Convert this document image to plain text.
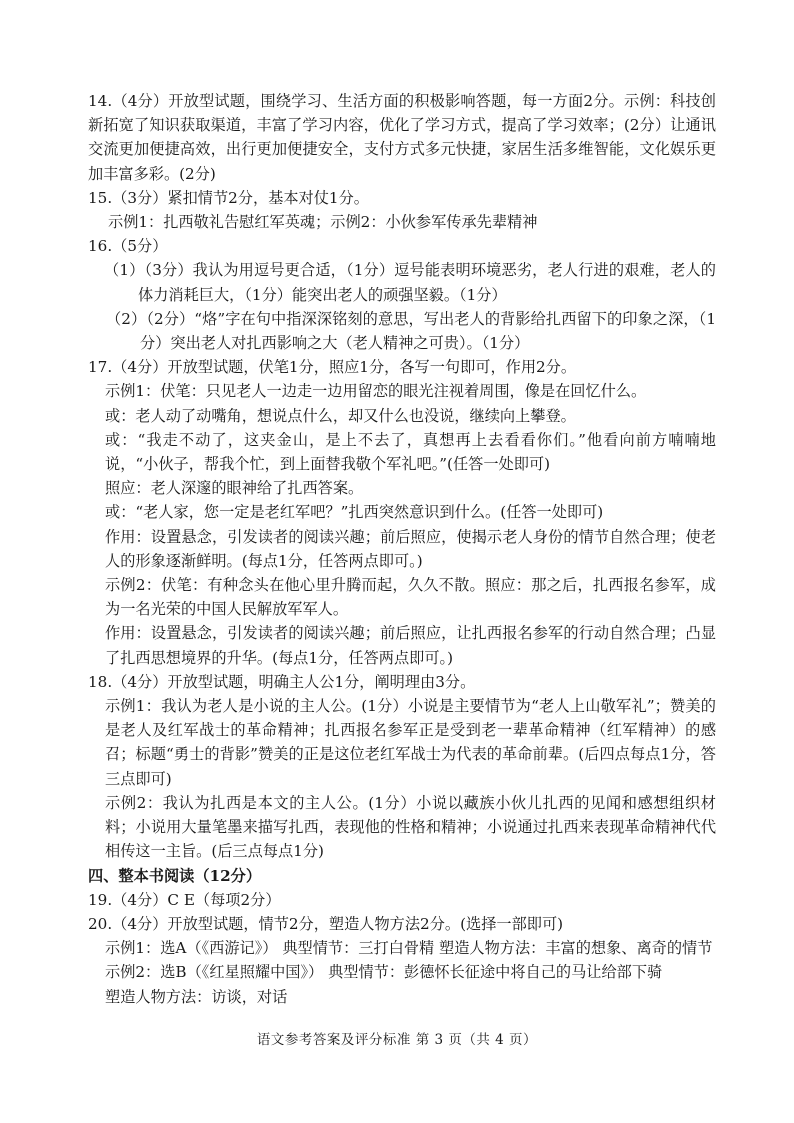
14.（4分）开放型试题，围绕学习、生活方面的积极影响答题，每一方面2分。示例：科技创新拓宽了知识获取渠道，丰富了学习内容，优化了学习方式，提高了学习效率；(2分）让通讯交流更加便捷高效，出行更加便捷安全，支付方式多元快捷，家居生活多维智能，文化娱乐更加丰富多彩。(2分)

15.（3分）紧扣情节2分，基本对仗1分。

示例1：扎西敬礼告慰红军英魂；示例2：小伙参军传承先辈精神

16.（5分）

（1）（3分）我认为用逗号更合适，（1分）逗号能表明环境恶劣，老人行进的艰难，老人的体力消耗巨大，（1分）能突出老人的顽强坚毅。（1分）

（2）（2分）“烙”字在句中指深深铭刻的意思，写出老人的背影给扎西留下的印象之深，（1分）突出老人对扎西影响之大（老人精神之可贵）。（1分）

17.（4分）开放型试题，伏笔1分，照应1分，各写一句即可，作用2分。

示例1：伏笔：只见老人一边走一边用留恋的眼光注视着周围，像是在回忆什么。

或：老人动了动嘴角，想说点什么，却又什么也没说，继续向上攀登。

或：“我走不动了，这夹金山，是上不去了，真想再上去看看你们。”他看向前方喃喃地说，“小伙子，帮我个忙，到上面替我敬个军礼吧。”(任答一处即可)

照应：老人深邃的眼神给了扎西答案。

或：“老人家，您一定是老红军吧？”扎西突然意识到什么。(任答一处即可)

作用：设置悬念，引发读者的阅读兴趣；前后照应，使揭示老人身份的情节自然合理；使老人的形象逐渐鲜明。(每点1分，任答两点即可。)

示例2：伏笔：有种念头在他心里升腾而起，久久不散。照应：那之后，扎西报名参军，成为一名光荣的中国人民解放军军人。

作用：设置悬念，引发读者的阅读兴趣；前后照应，让扎西报名参军的行动自然合理；凸显了扎西思想境界的升华。(每点1分，任答两点即可。)

18.（4分）开放型试题，明确主人公1分，阐明理由3分。

示例1：我认为老人是小说的主人公。(1分）小说是主要情节为“老人上山敬军礼”；赞美的是老人及红军战士的革命精神；扎西报名参军正是受到老一辈革命精神（红军精神）的感召；标题“勇士的背影”赞美的正是这位老红军战士为代表的革命前辈。(后四点每点1分，答三点即可)

示例2：我认为扎西是本文的主人公。(1分）小说以藏族小伙儿扎西的见闻和感想组织材料；小说用大量笔墨来描写扎西，表现他的性格和精神；小说通过扎西来表现革命精神代代相传这一主旨。(后三点每点1分)

四、整本书阅读（12分）

19.（4分）C E（每项2分）

20.（4分）开放型试题，情节2分，塑造人物方法2分。(选择一部即可)

示例1：选A（《西游记》） 典型情节：三打白骨精 塑造人物方法：丰富的想象、离奇的情节

示例2：选B（《红星照耀中国》） 典型情节：彭德怀长征途中将自己的马让给部下骑

塑造人物方法：访谈，对话

语文参考答案及评分标准 第 3 页（共 4 页）
